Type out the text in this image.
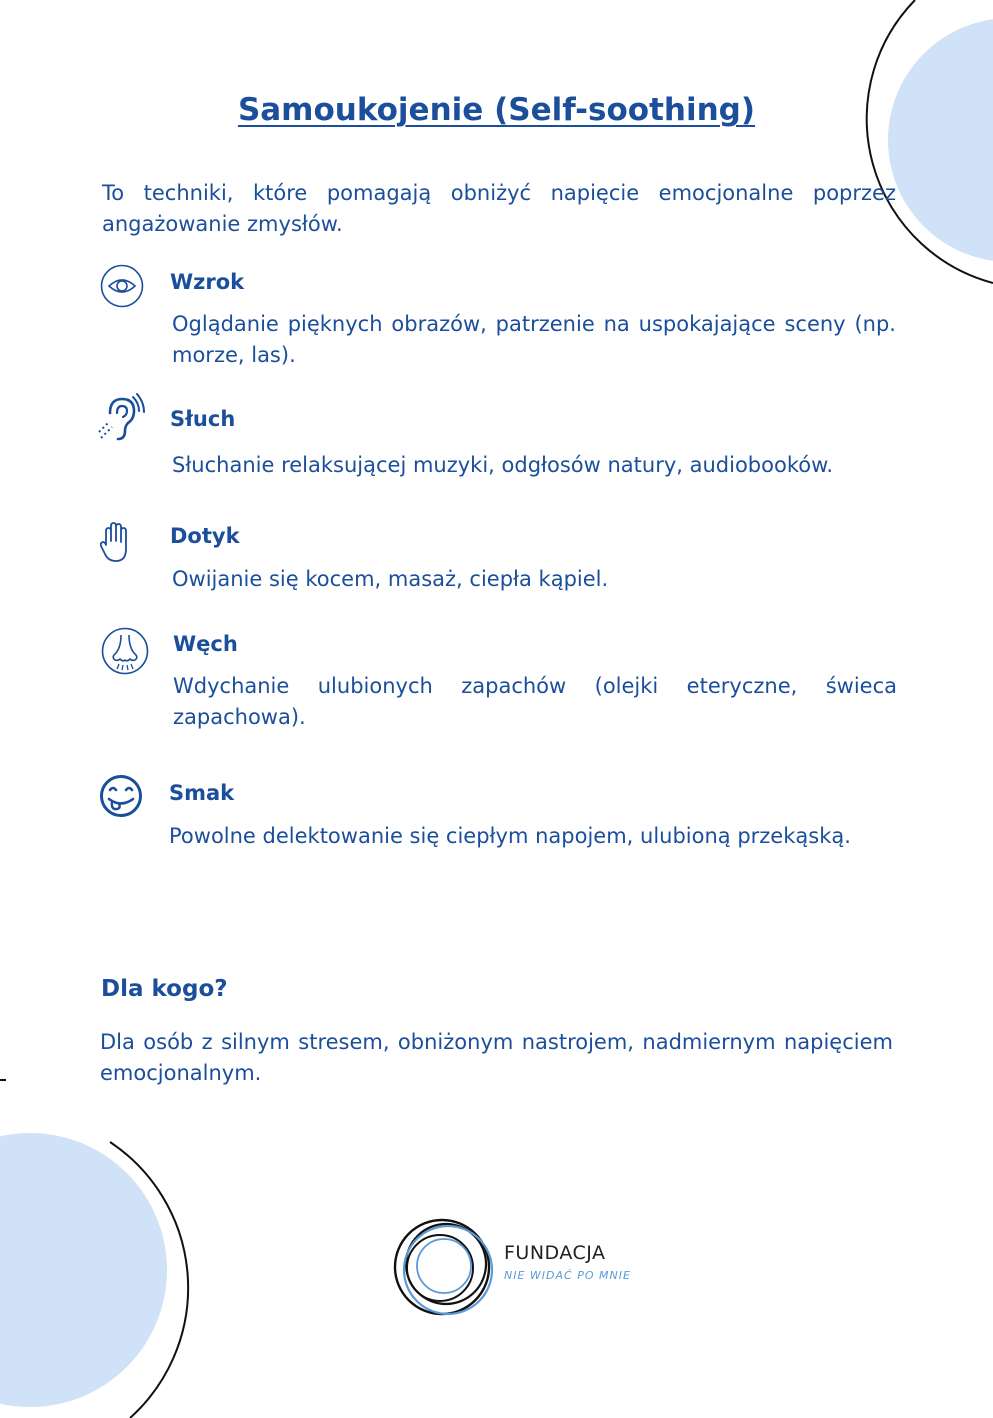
Samoukojenie (Self-soothing)
To techniki, które pomagają obniżyć napięcie emocjonalne poprzez angażowanie zmysłów.
Wzrok
Oglądanie pięknych obrazów, patrzenie na uspokajające sceny (np. morze, las).
Słuch
Słuchanie relaksującej muzyki, odgłosów natury, audiobooków.
Dotyk
Owijanie się kocem, masaż, ciepła kąpiel.
Węch
Wdychanie ulubionych zapachów (olejki eteryczne, świeca zapachowa).
Smak
Powolne delektowanie się ciepłym napojem, ulubioną przekąską.
Dla kogo?
Dla osób z silnym stresem, obniżonym nastrojem, nadmiernym napięciem emocjonalnym.
FUNDACJA
NIE WIDAĆ PO MNIE
